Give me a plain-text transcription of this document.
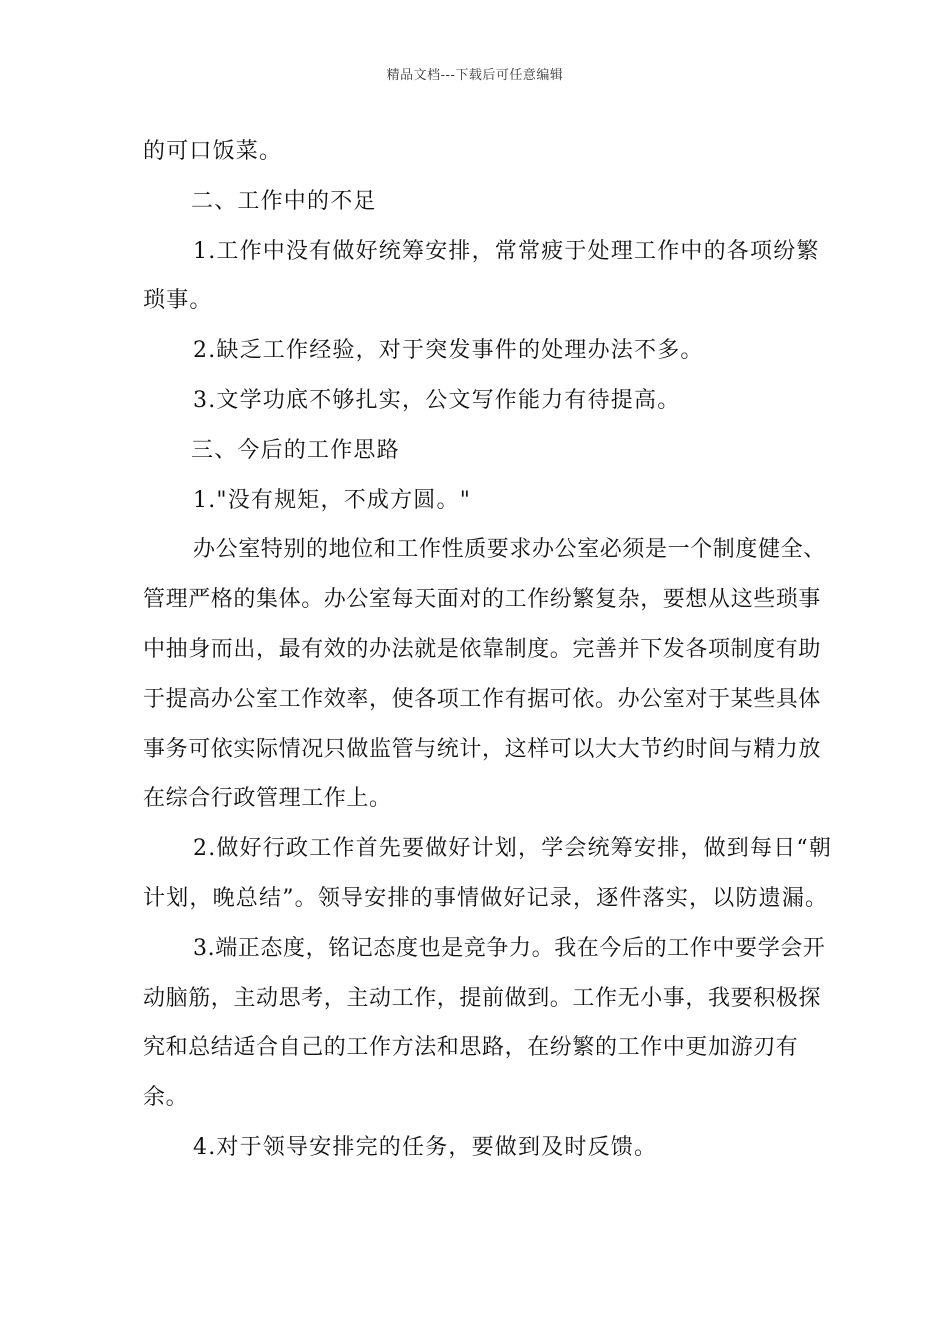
精品文档---下载后可任意编辑

的可口饭菜。

二、工作中的不足

1.工作中没有做好统筹安排，常常疲于处理工作中的各项纷繁琐事。

2.缺乏工作经验，对于突发事件的处理办法不多。

3.文学功底不够扎实，公文写作能力有待提高。

三、今后的工作思路

1."没有规矩，不成方圆。"

办公室特别的地位和工作性质要求办公室必须是一个制度健全、管理严格的集体。办公室每天面对的工作纷繁复杂，要想从这些琐事中抽身而出，最有效的办法就是依靠制度。完善并下发各项制度有助于提高办公室工作效率，使各项工作有据可依。办公室对于某些具体事务可依实际情况只做监管与统计，这样可以大大节约时间与精力放在综合行政管理工作上。

2.做好行政工作首先要做好计划，学会统筹安排，做到每日“朝计划，晚总结”。领导安排的事情做好记录，逐件落实，以防遗漏。

3.端正态度，铭记态度也是竞争力。我在今后的工作中要学会开动脑筋，主动思考，主动工作，提前做到。工作无小事，我要积极探究和总结适合自己的工作方法和思路，在纷繁的工作中更加游刃有余。

4.对于领导安排完的任务，要做到及时反馈。
